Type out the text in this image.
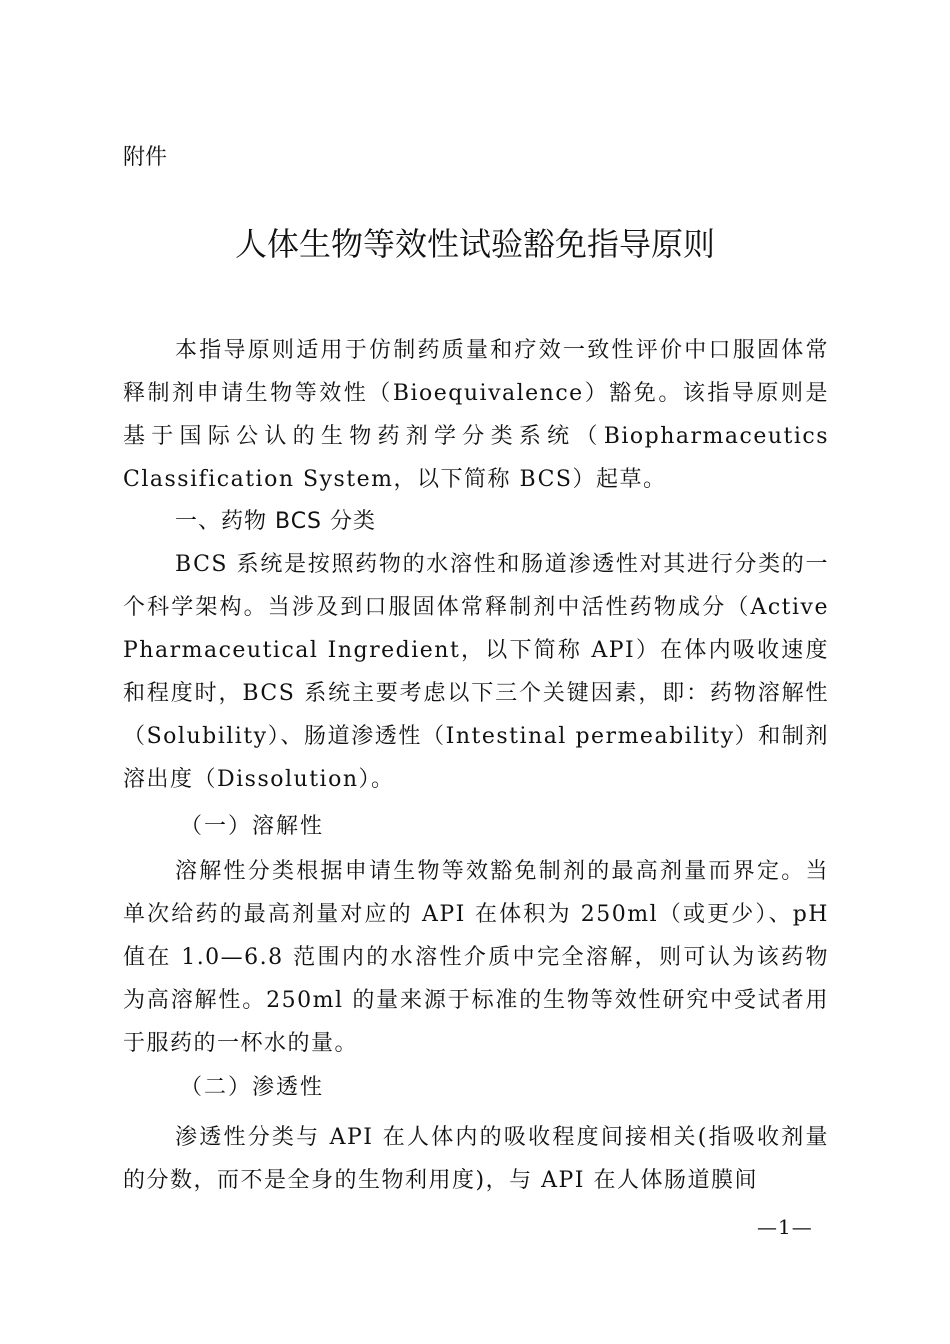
附件
人体生物等效性试验豁免指导原则

本指导原则适用于仿制药质量和疗效一致性评价中口服固体常释制剂申请生物等效性（Bioequivalence）豁免。该指导原则是基于国际公认的生物药剂学分类系统（Biopharmaceutics Classification System，以下简称 BCS）起草。

一、药物 BCS 分类

BCS 系统是按照药物的水溶性和肠道渗透性对其进行分类的一个科学架构。当涉及到口服固体常释制剂中活性药物成分（Active Pharmaceutical Ingredient，以下简称 API）在体内吸收速度和程度时，BCS 系统主要考虑以下三个关键因素，即：药物溶解性（Solubility）、肠道渗透性（Intestinal permeability）和制剂溶出度（Dissolution）。

（一）溶解性

溶解性分类根据申请生物等效豁免制剂的最高剂量而界定。当单次给药的最高剂量对应的 API 在体积为 250ml（或更少）、pH 值在 1.0—6.8 范围内的水溶性介质中完全溶解，则可认为该药物为高溶解性。250ml 的量来源于标准的生物等效性研究中受试者用于服药的一杯水的量。

（二）渗透性

渗透性分类与 API 在人体内的吸收程度间接相关(指吸收剂量的分数，而不是全身的生物利用度)，与 API 在人体肠道膜间

—1—
